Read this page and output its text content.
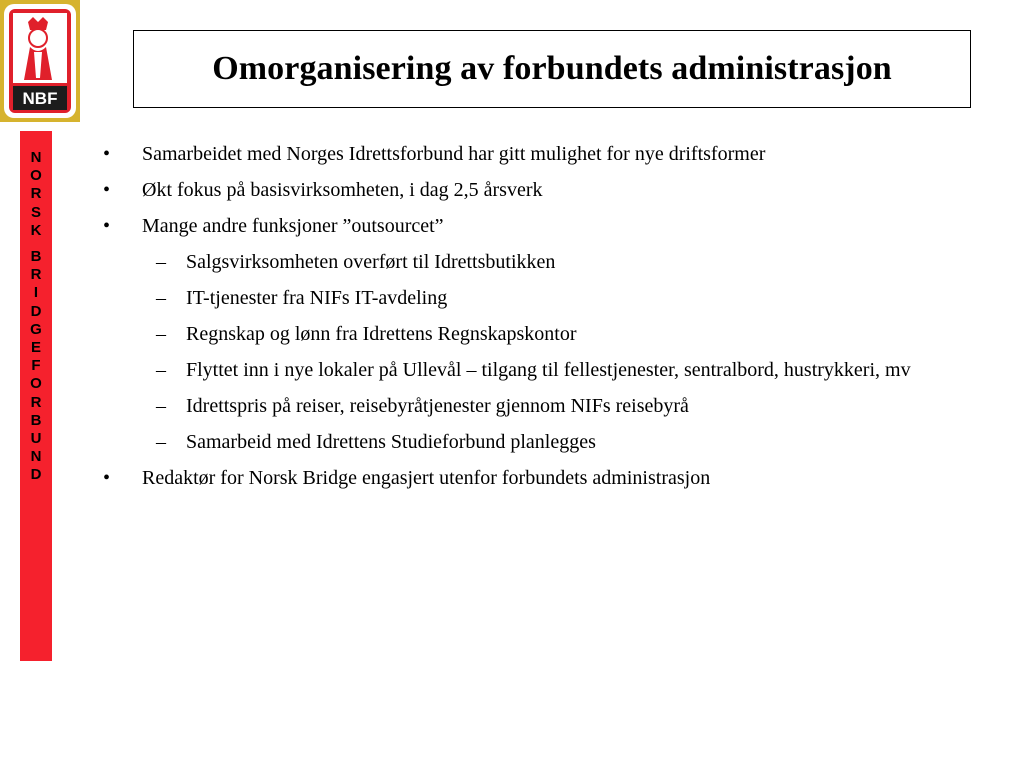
NBF
Omorganisering av forbundets administrasjon
N
O
R
S
K
B
R
I
D
G
E
F
O
R
B
U
N
D
• Samarbeidet med Norges Idrettsforbund har gitt mulighet for nye driftsformer
• Økt fokus på basisvirksomheten, i dag 2,5 årsverk
• Mange andre funksjoner ”outsourcet”
– Salgsvirksomheten overført til Idrettsbutikken
– IT-tjenester fra NIFs IT-avdeling
– Regnskap og lønn fra Idrettens Regnskapskontor
– Flyttet inn i nye lokaler på Ullevål – tilgang til fellestjenester, sentralbord, hustrykkeri, mv
– Idrettspris på reiser, reisebyråtjenester gjennom NIFs reisebyrå
– Samarbeid med Idrettens Studieforbund planlegges
• Redaktør for Norsk Bridge engasjert utenfor forbundets administrasjon
